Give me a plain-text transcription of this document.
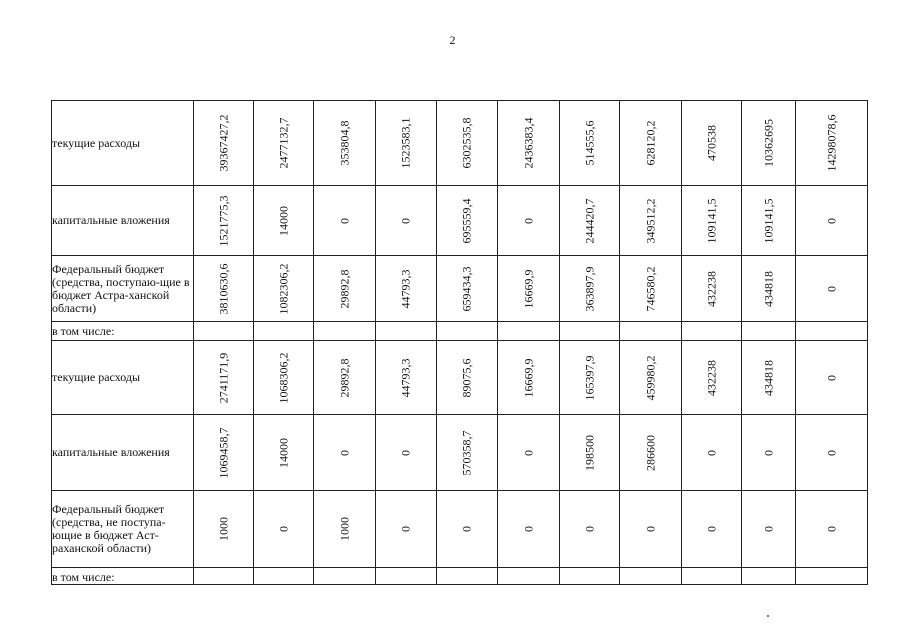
2
текущие расходы	39367427,2	2477132,7	353804,8	1523583,1	6302535,8	2436383,4	514555,6	628120,2	470538	10362695	14298078,6

капитальные вложения	1521775,3	14000	0	0	695559,4	0	244420,7	349512,2	109141,5	109141,5	0

Федеральный бюджет (средства, поступаю-щие в бюджет Астра-ханской области)	3810630,6	1082306,2	29892,8	44793,3	659434,3	16669,9	363897,9	746580,2	432238	434818	0

в том числе:											
текущие расходы	2741171,9	1068306,2	29892,8	44793,3	89075,6	16669,9	165397,9	459980,2	432238	434818	0

капитальные вложения	1069458,7	14000	0	0	570358,7	0	198500	286600	0	0	0

Федеральный бюджет (средства, не поступа-ющие в бюджет Аст-раханской области)	1000	0	1000	0	0	0	0	0	0	0	0

в том числе:											
